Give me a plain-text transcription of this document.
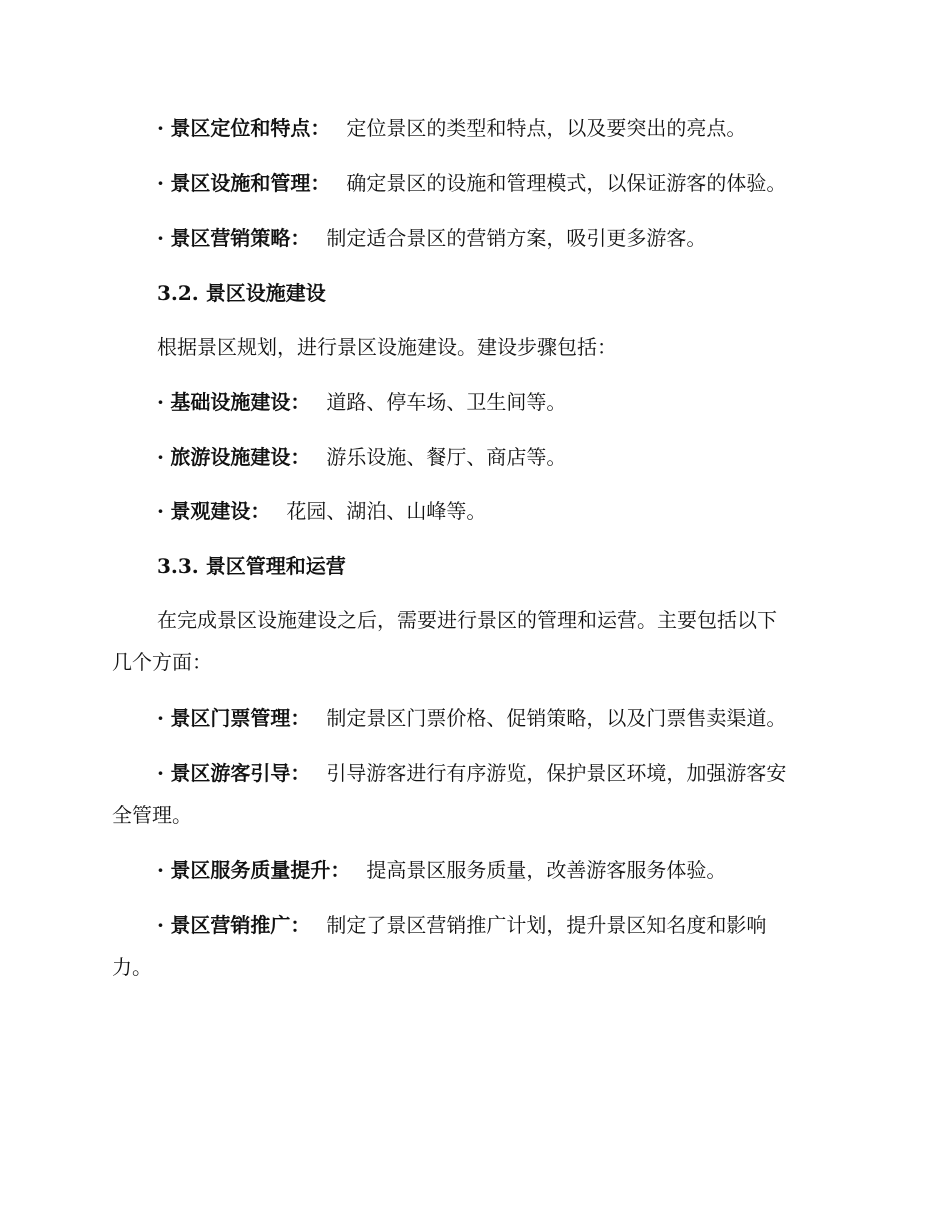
· 景区定位和特点： 定位景区的类型和特点，以及要突出的亮点。
· 景区设施和管理： 确定景区的设施和管理模式，以保证游客的体验。
· 景区营销策略： 制定适合景区的营销方案，吸引更多游客。
3.2. 景区设施建设
根据景区规划，进行景区设施建设。建设步骤包括：
· 基础设施建设： 道路、停车场、卫生间等。
· 旅游设施建设： 游乐设施、餐厅、商店等。
· 景观建设： 花园、湖泊、山峰等。
3.3. 景区管理和运营
在完成景区设施建设之后，需要进行景区的管理和运营。主要包括以下
几个方面：
· 景区门票管理： 制定景区门票价格、促销策略，以及门票售卖渠道。
· 景区游客引导： 引导游客进行有序游览，保护景区环境，加强游客安
全管理。
· 景区服务质量提升： 提高景区服务质量，改善游客服务体验。
· 景区营销推广： 制定了景区营销推广计划，提升景区知名度和影响
力。
